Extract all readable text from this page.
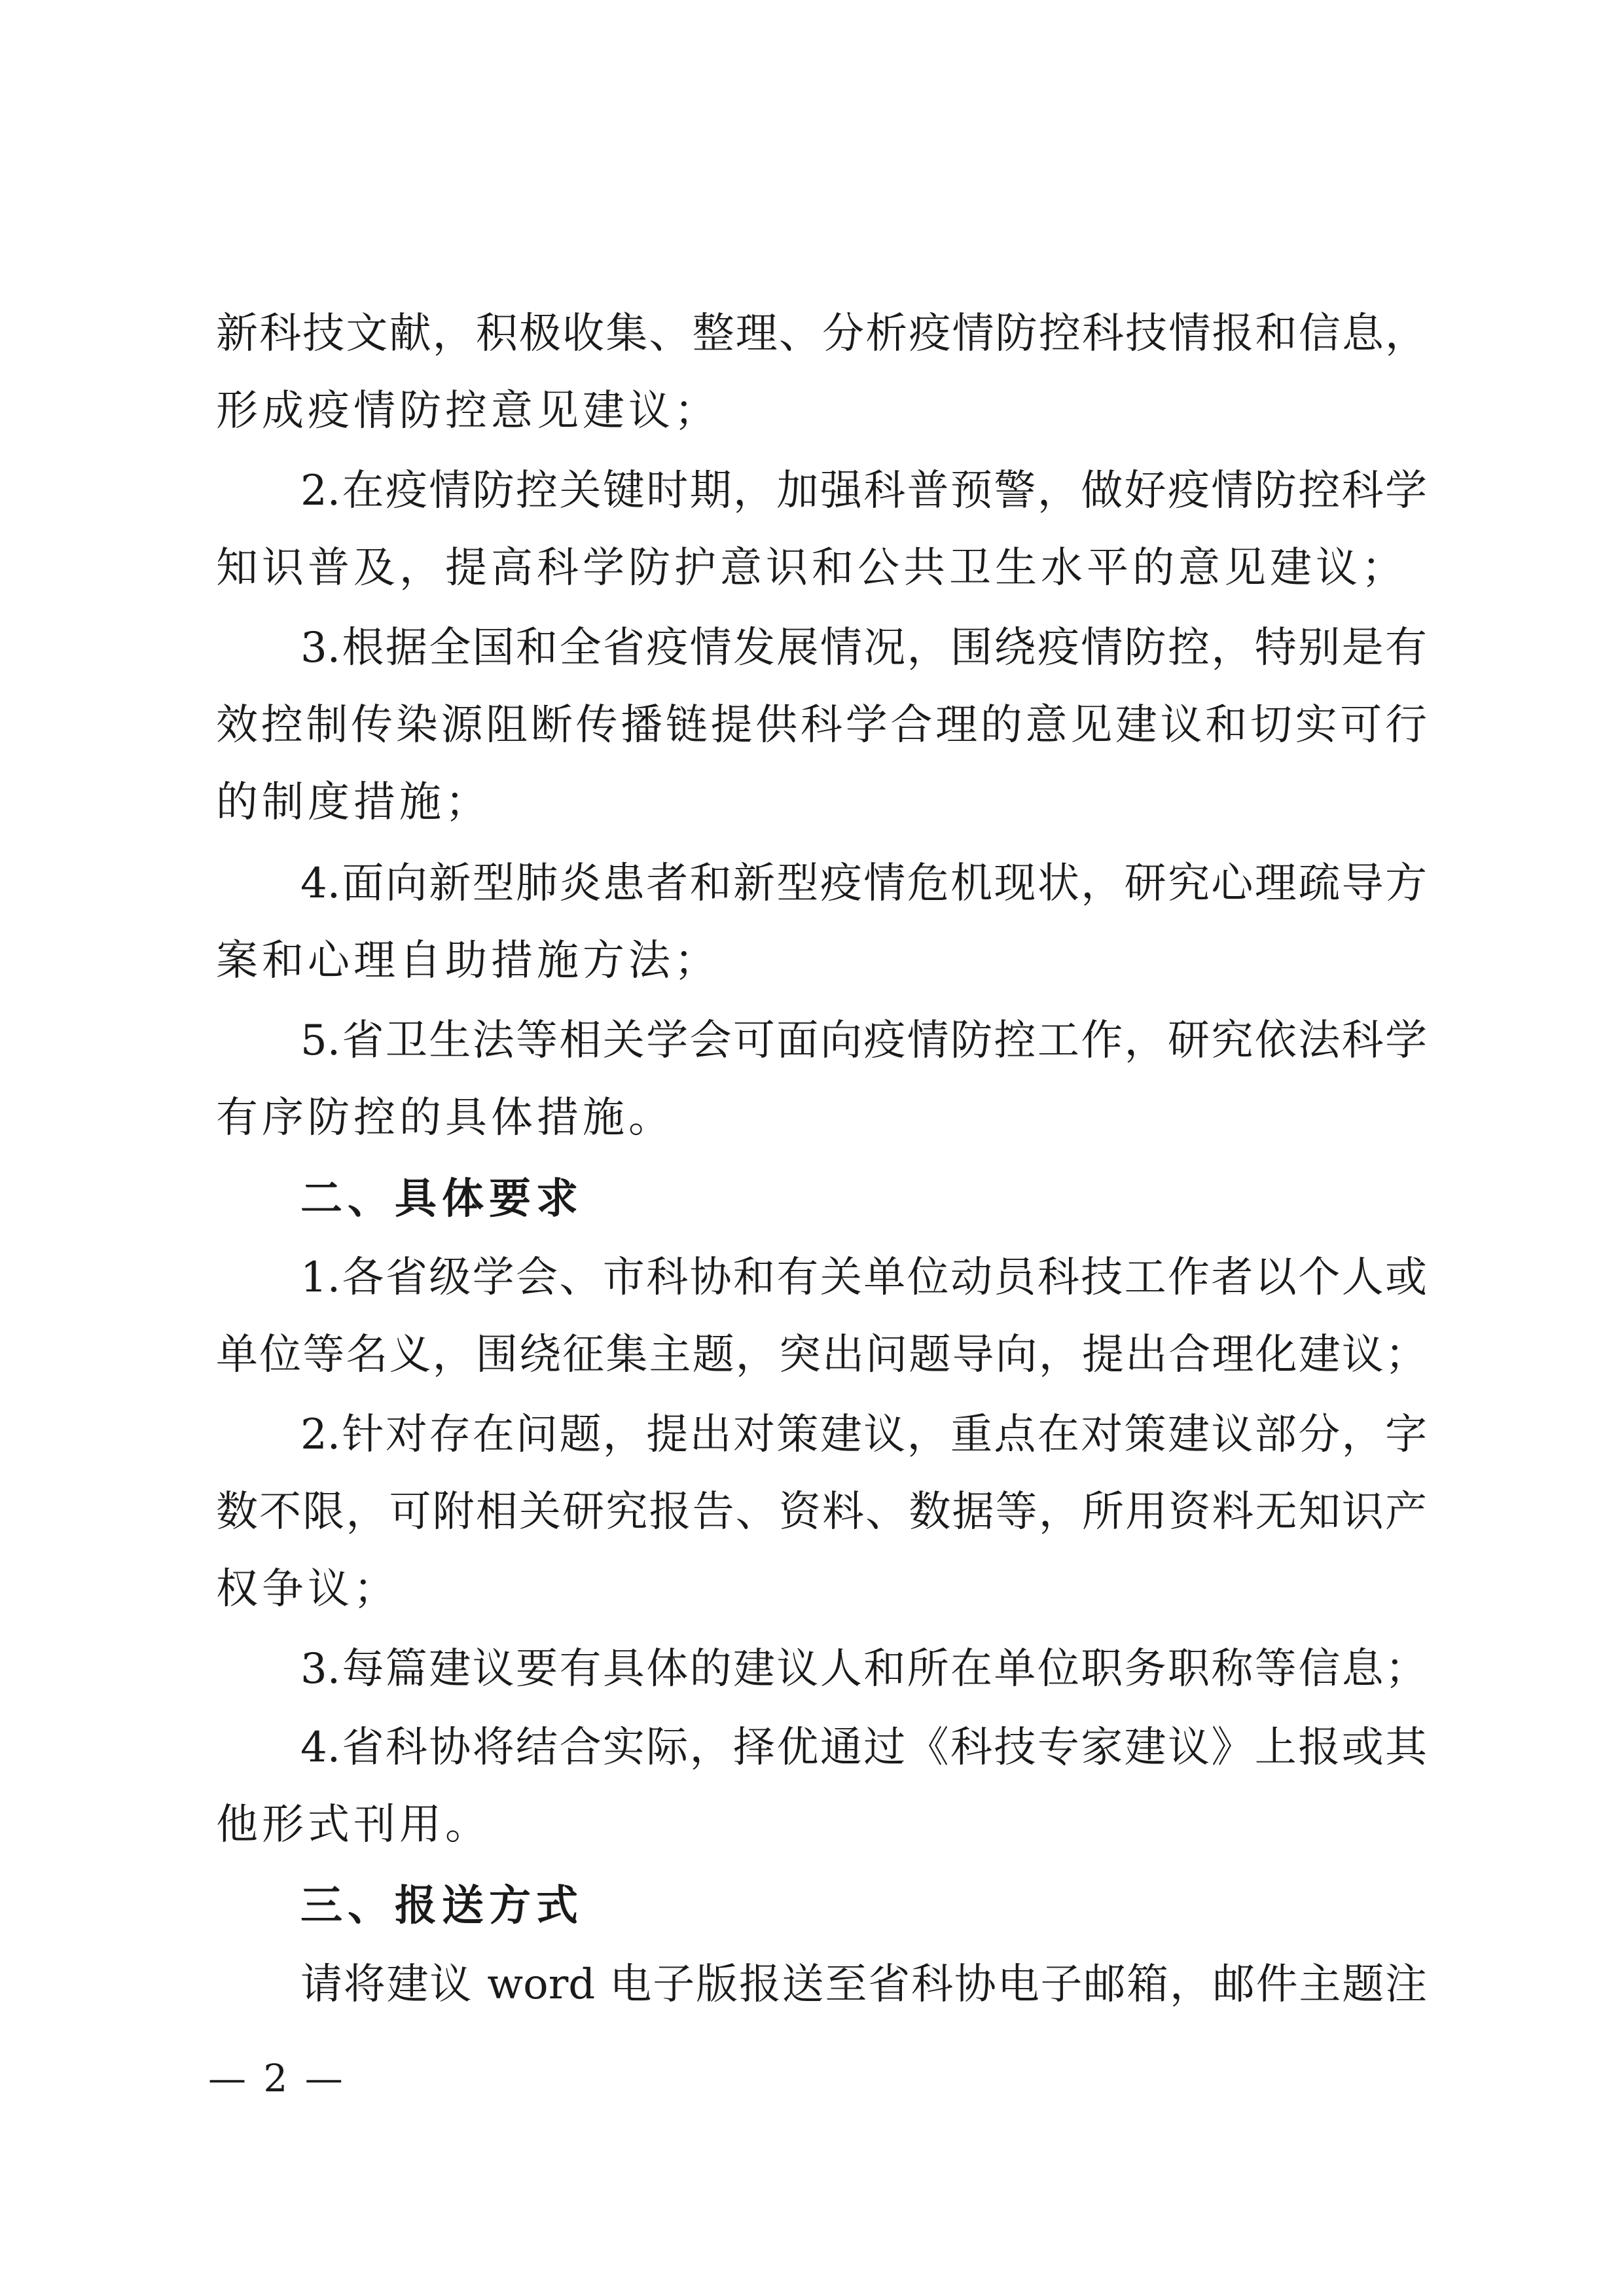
新科技文献，积极收集、整理、分析疫情防控科技情报和信息，
形成疫情防控意见建议；
2.在疫情防控关键时期，加强科普预警，做好疫情防控科学
知识普及，提高科学防护意识和公共卫生水平的意见建议；
3.根据全国和全省疫情发展情况，围绕疫情防控，特别是有
效控制传染源阻断传播链提供科学合理的意见建议和切实可行
的制度措施；
4.面向新型肺炎患者和新型疫情危机现状，研究心理疏导方
案和心理自助措施方法；
5.省卫生法等相关学会可面向疫情防控工作，研究依法科学
有序防控的具体措施。
二、具体要求
1.各省级学会、市科协和有关单位动员科技工作者以个人或
单位等名义，围绕征集主题，突出问题导向，提出合理化建议；
2.针对存在问题，提出对策建议，重点在对策建议部分，字
数不限，可附相关研究报告、资料、数据等，所用资料无知识产
权争议；
3.每篇建议要有具体的建议人和所在单位职务职称等信息；
4.省科协将结合实际，择优通过《科技专家建议》上报或其
他形式刊用。
三、报送方式
请将建议 word 电子版报送至省科协电子邮箱，邮件主题注
— 2 —
